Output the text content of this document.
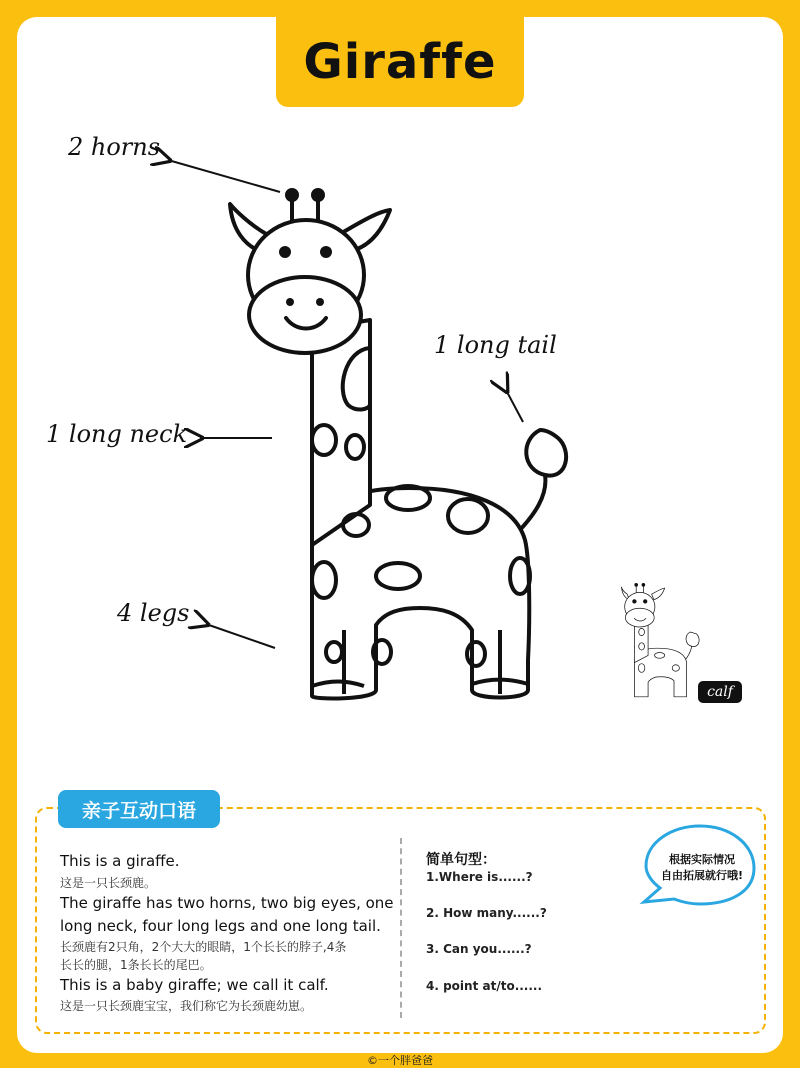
Giraffe
2 horns
1 long tail
1 long neck
4 legs
calf
亲子互动口语
This is a giraffe.
这是一只长颈鹿。
The giraffe has two horns, two big eyes, one
long neck, four long legs and one long tail.
长颈鹿有2只角，2个大大的眼睛，1个长长的脖子,4条
长长的腿，1条长长的尾巴。
This is a baby giraffe; we call it calf.
这是一只长颈鹿宝宝，我们称它为长颈鹿幼崽。
简单句型：
1.Where is......?
2. How many......?
3. Can you......?
4. point at/to......
根据实际情况
自由拓展就行哦!
©一个胖爸爸
